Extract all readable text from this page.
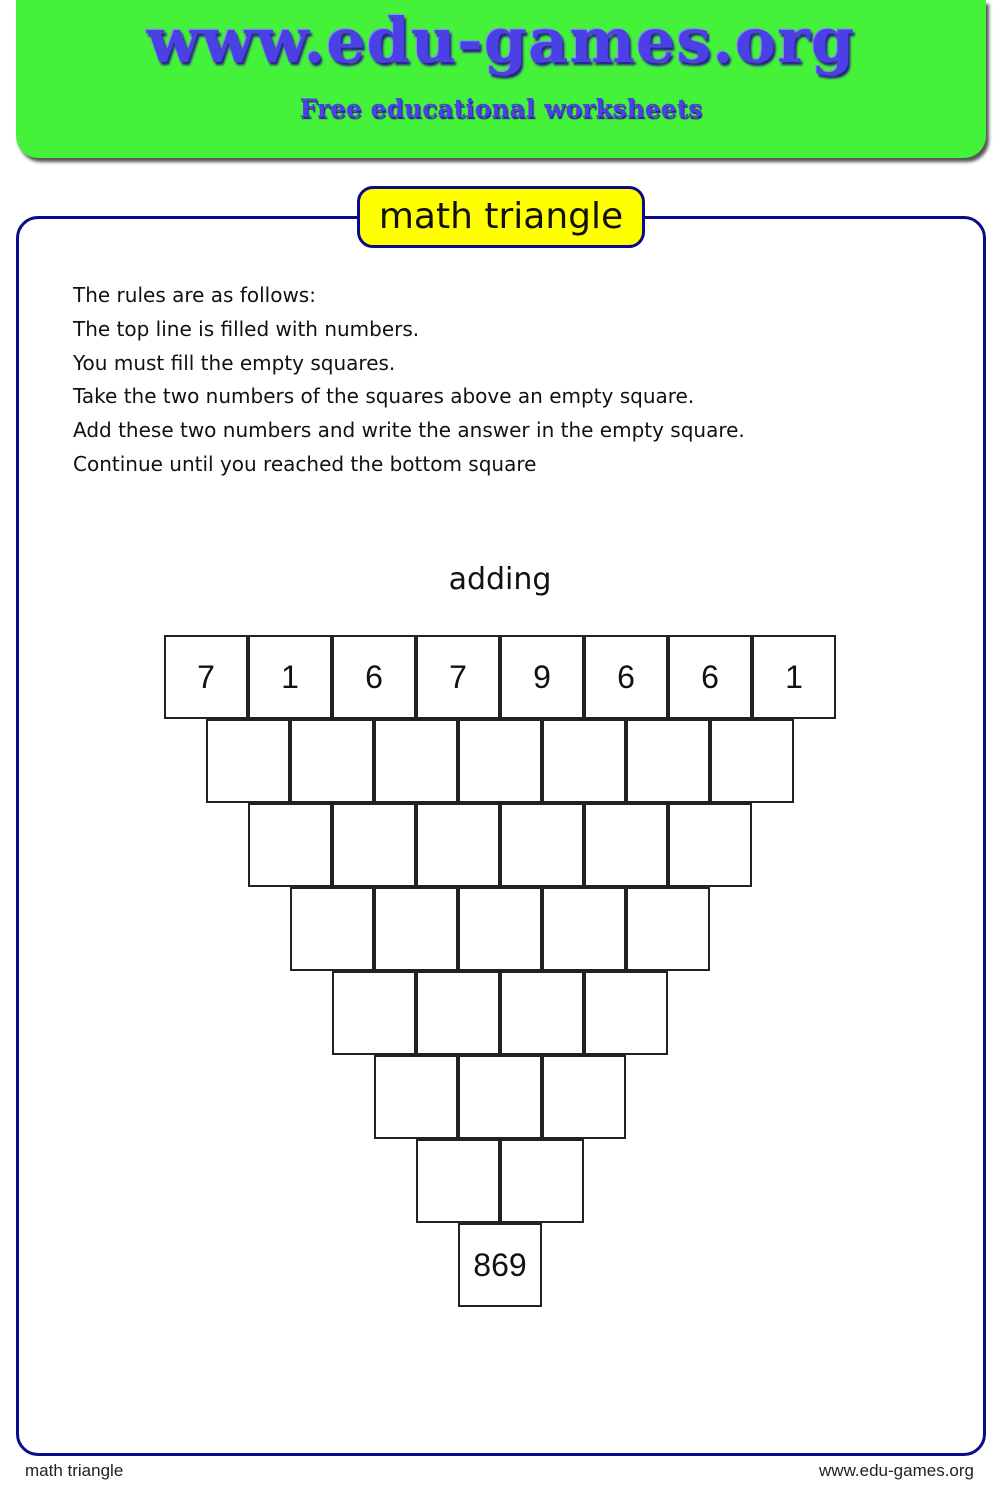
www.edu-games.org
Free educational worksheets
math triangle
The rules are as follows:
The top line is filled with numbers.
You must fill the empty squares.
Take the two numbers of the squares above an empty square.
Add these two numbers and write the answer in the empty square.
Continue until you reached the bottom square
adding
7	1	6	7	9	6	6	1
869
math triangle	www.edu-games.org
